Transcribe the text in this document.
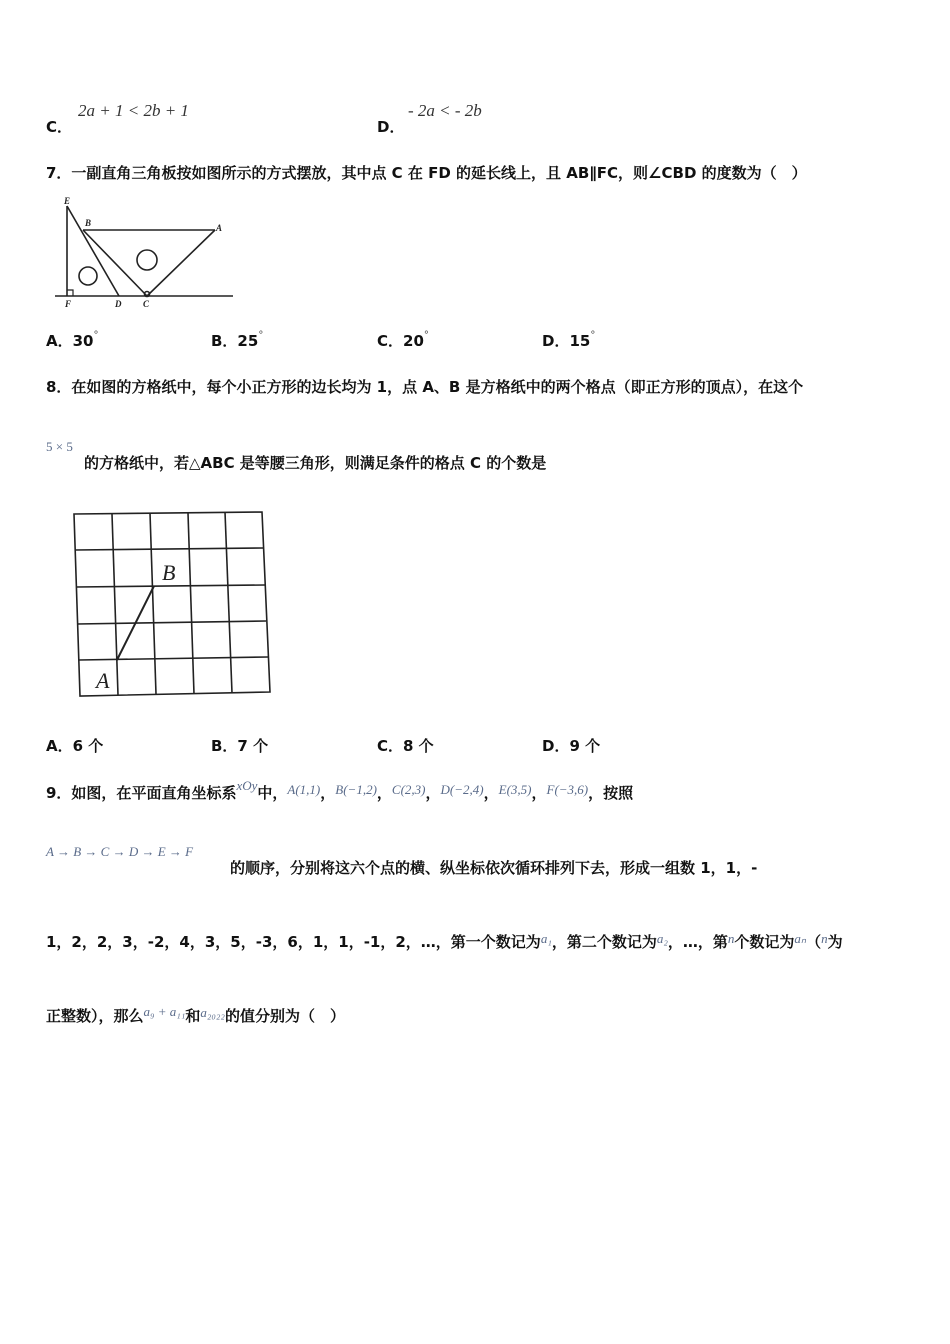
C．
2a + 1 < 2b + 1
D．
- 2a < - 2b
7．一副直角三角板按如图所示的方式摆放，其中点 C 在 FD 的延长线上，且 AB∥FC，则∠CBD 的度数为（　）
E
B	A
F	D C
A．30°	B．25°	C．20°	D．15°
8．在如图的方格纸中，每个小正方形的边长均为 1，点 A、B 是方格纸中的两个格点（即正方形的顶点），在这个
5 × 5
的方格纸中，若△ABC 是等腰三角形，则满足条件的格点 C 的个数是
A
B
A．6 个	B．7 个	C．8 个	D．9 个
9．如图，在平面直角坐标系xOy中，A(1,1)，B(−1,2)，C(2,3)，D(−2,4)，E(3,5)，F(−3,6)，按照
A → B → C → D → E → F
的顺序，分别将这六个点的横、纵坐标依次循环排列下去，形成一组数 1，1，-
1，2，2，3，-2，4，3，5，-3，6，1，1，-1，2，…，第一个数记为a₁，第二个数记为a₂，…，第n个数记为aₙ（n为
正整数），那么a₉ + a₁₁和a₂₀₂₂的值分别为（　）
